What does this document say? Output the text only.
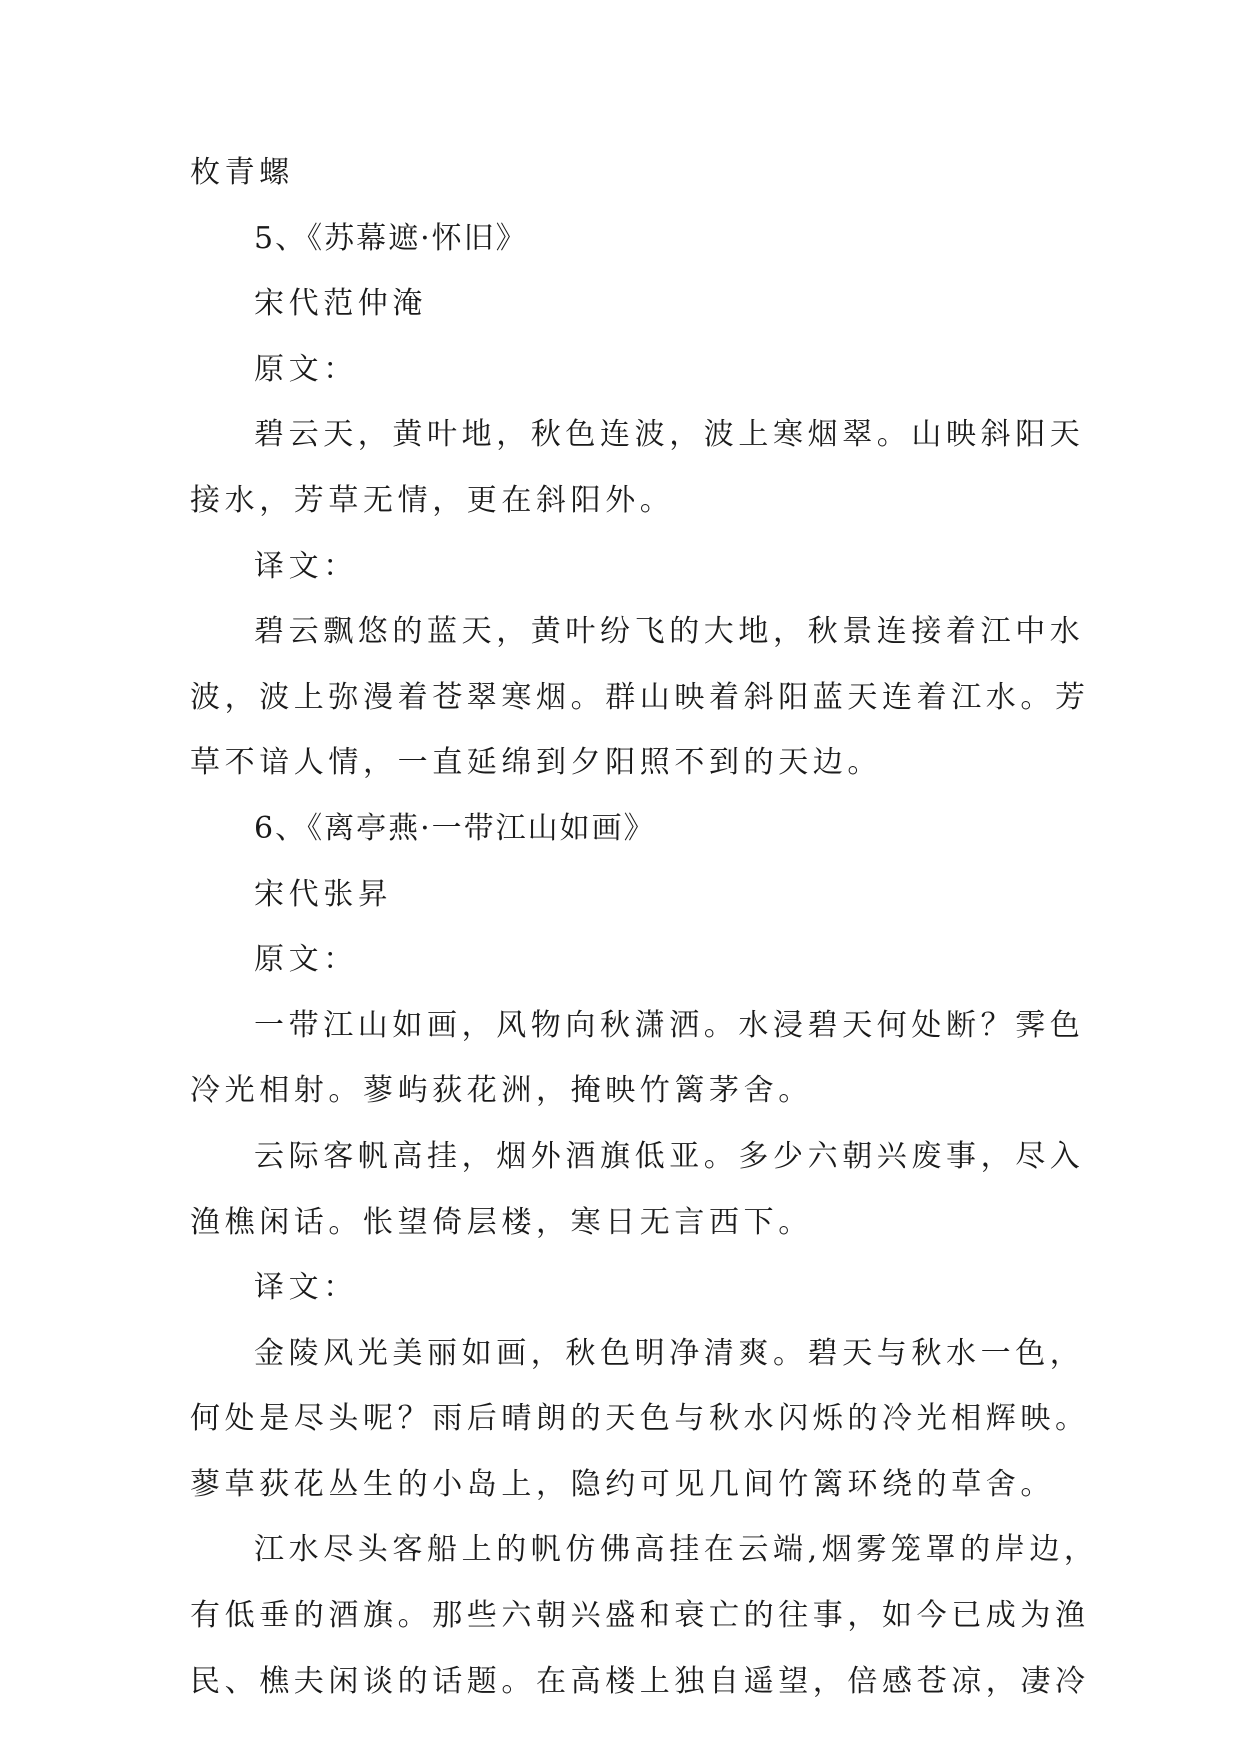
枚青螺
5、《苏幕遮·怀旧》
宋代范仲淹
原文：
碧云天，黄叶地，秋色连波，波上寒烟翠。山映斜阳天
接水，芳草无情，更在斜阳外。
译文：
碧云飘悠的蓝天，黄叶纷飞的大地，秋景连接着江中水
波，波上弥漫着苍翠寒烟。群山映着斜阳蓝天连着江水。芳
草不谙人情，一直延绵到夕阳照不到的天边。
6、《离亭燕·一带江山如画》
宋代张昇
原文：
一带江山如画，风物向秋潇洒。水浸碧天何处断？霁色
冷光相射。蓼屿荻花洲，掩映竹篱茅舍。
云际客帆高挂，烟外酒旗低亚。多少六朝兴废事，尽入
渔樵闲话。怅望倚层楼，寒日无言西下。
译文：
金陵风光美丽如画，秋色明净清爽。碧天与秋水一色，
何处是尽头呢？雨后晴朗的天色与秋水闪烁的冷光相辉映。
蓼草荻花丛生的小岛上，隐约可见几间竹篱环绕的草舍。
江水尽头客船上的帆仿佛高挂在云端,烟雾笼罩的岸边，
有低垂的酒旗。那些六朝兴盛和衰亡的往事，如今已成为渔
民、樵夫闲谈的话题。在高楼上独自遥望，倍感苍凉，凄冷
